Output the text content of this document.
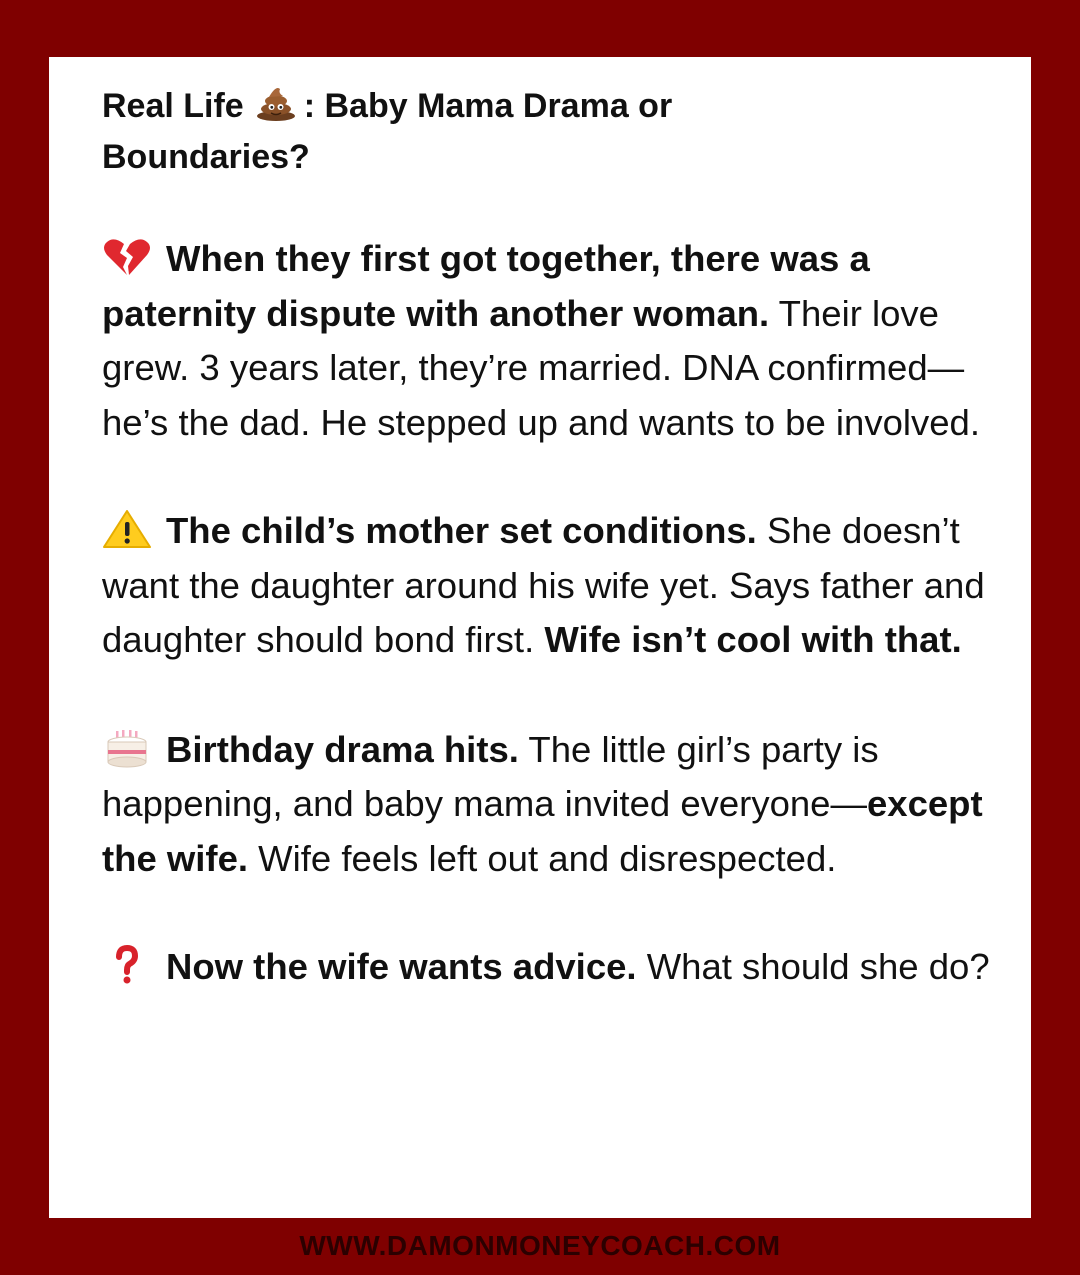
Real Life : Baby Mama Drama or Boundaries?

When they first got together, there was a paternity dispute with another woman. Their love grew. 3 years later, they’re married. DNA confirmed—he’s the dad. He stepped up and wants to be involved.

The child’s mother set conditions. She doesn’t want the daughter around his wife yet. Says father and daughter should bond first. Wife isn’t cool with that.

Birthday drama hits. The little girl’s party is happening, and baby mama invited everyone—except the wife. Wife feels left out and disrespected.

Now the wife wants advice. What should she do?

WWW.DAMONMONEYCOACH.COM
